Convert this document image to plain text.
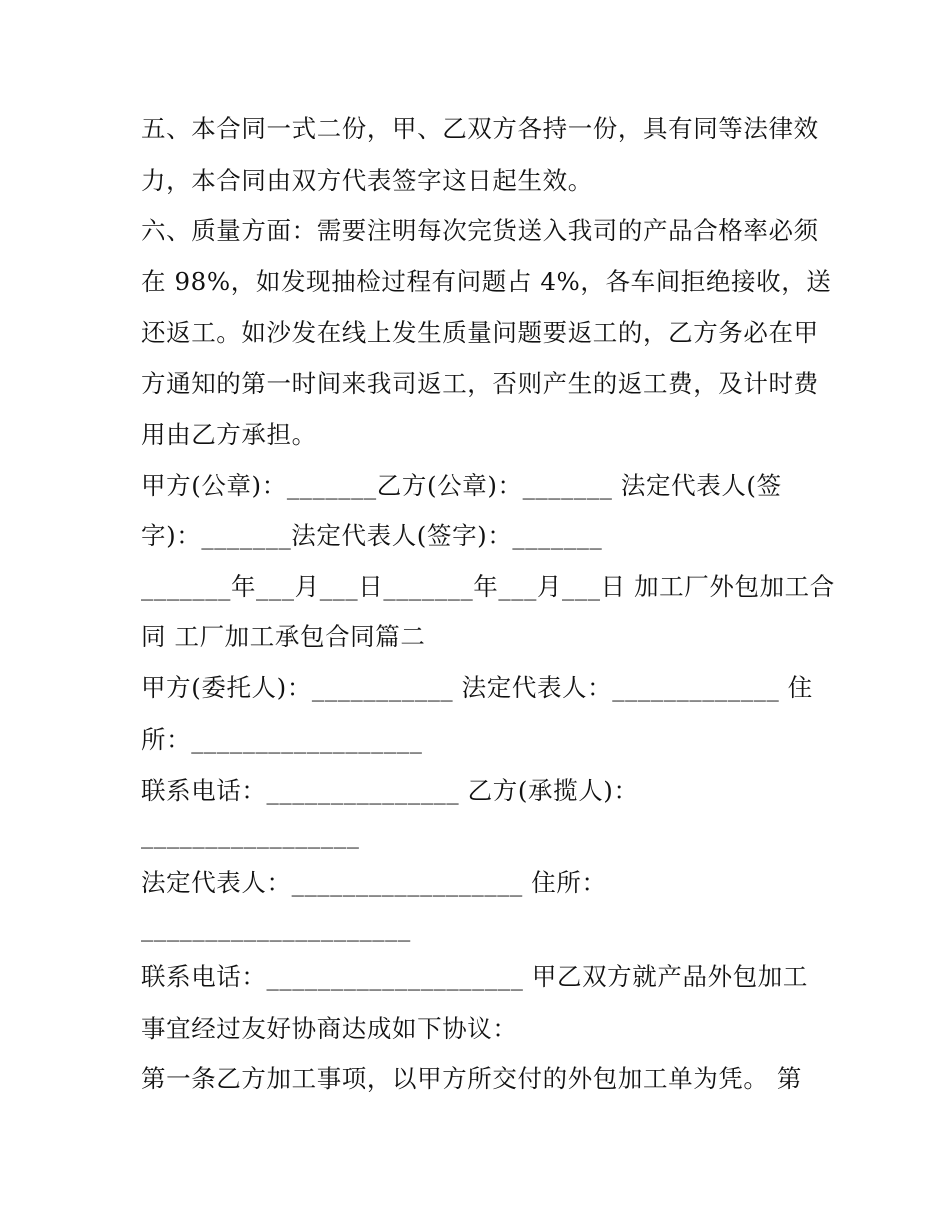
五、本合同一式二份，甲、乙双方各持一份，具有同等法律效
力，本合同由双方代表签字这日起生效。
六、质量方面：需要注明每次完货送入我司的产品合格率必须
在 98%，如发现抽检过程有问题占 4%，各车间拒绝接收，送
还返工。如沙发在线上发生质量问题要返工的，乙方务必在甲
方通知的第一时间来我司返工，否则产生的返工费，及计时费
用由乙方承担。
甲方(公章)：_______乙方(公章)：_______ 法定代表人(签
字)：_______法定代表人(签字)：_______
_______年___月___日_______年___月___日 加工厂外包加工合
同 工厂加工承包合同篇二
甲方(委托人)：___________ 法定代表人：_____________ 住
所：__________________
联系电话：_______________ 乙方(承揽人)：
_________________
法定代表人：__________________ 住所：
_____________________
联系电话：____________________ 甲乙双方就产品外包加工
事宜经过友好协商达成如下协议：
第一条乙方加工事项，以甲方所交付的外包加工单为凭。 第
